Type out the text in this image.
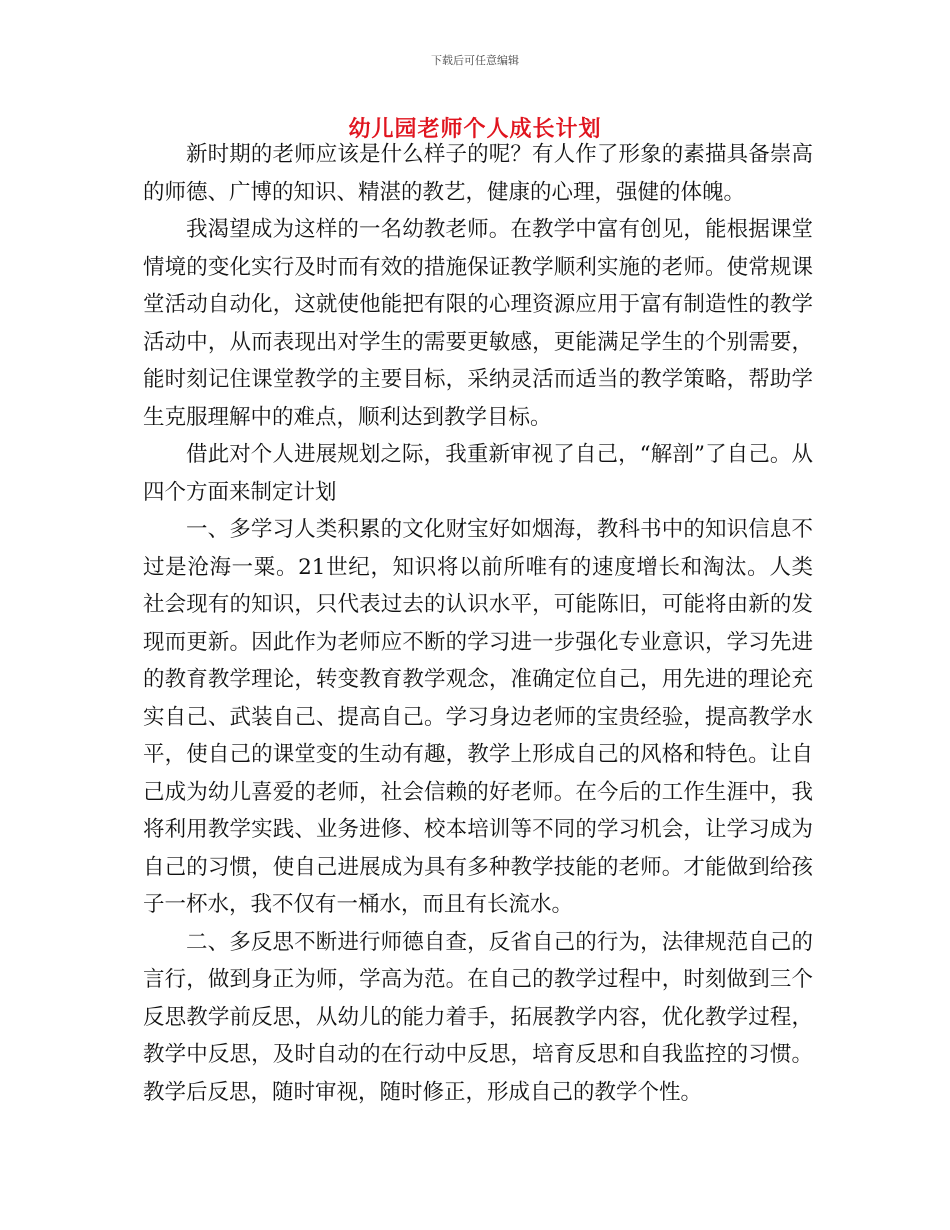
下载后可任意编辑
幼儿园老师个人成长计划

新时期的老师应该是什么样子的呢？有人作了形象的素描具备崇高的师德、广博的知识、精湛的教艺，健康的心理，强健的体魄。

我渴望成为这样的一名幼教老师。在教学中富有创见，能根据课堂情境的变化实行及时而有效的措施保证教学顺利实施的老师。使常规课堂活动自动化，这就使他能把有限的心理资源应用于富有制造性的教学活动中，从而表现出对学生的需要更敏感，更能满足学生的个别需要，能时刻记住课堂教学的主要目标，采纳灵活而适当的教学策略，帮助学生克服理解中的难点，顺利达到教学目标。

借此对个人进展规划之际，我重新审视了自己，“解剖”了自己。从四个方面来制定计划

一、多学习人类积累的文化财宝好如烟海，教科书中的知识信息不过是沧海一粟。21世纪，知识将以前所唯有的速度增长和淘汰。人类社会现有的知识，只代表过去的认识水平，可能陈旧，可能将由新的发现而更新。因此作为老师应不断的学习进一步强化专业意识，学习先进的教育教学理论，转变教育教学观念，准确定位自己，用先进的理论充实自己、武装自己、提高自己。学习身边老师的宝贵经验，提高教学水平，使自己的课堂变的生动有趣，教学上形成自己的风格和特色。让自己成为幼儿喜爱的老师，社会信赖的好老师。在今后的工作生涯中，我将利用教学实践、业务进修、校本培训等不同的学习机会，让学习成为自己的习惯，使自己进展成为具有多种教学技能的老师。才能做到给孩子一杯水，我不仅有一桶水，而且有长流水。

二、多反思不断进行师德自查，反省自己的行为，法律规范自己的言行，做到身正为师，学高为范。在自己的教学过程中，时刻做到三个反思教学前反思，从幼儿的能力着手，拓展教学内容，优化教学过程，教学中反思，及时自动的在行动中反思，培育反思和自我监控的习惯。教学后反思，随时审视，随时修正，形成自己的教学个性。
